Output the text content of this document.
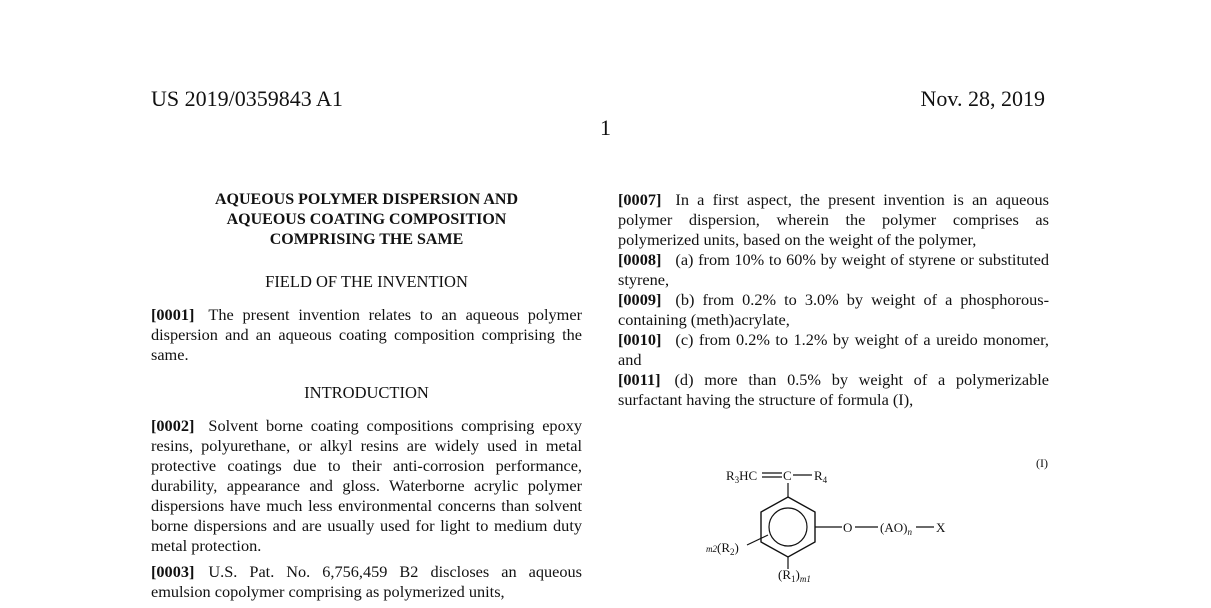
US 2019/0359843 A1	Nov. 28, 2019
1
AQUEOUS POLYMER DISPERSION AND
AQUEOUS COATING COMPOSITION
COMPRISING THE SAME
FIELD OF THE INVENTION

[0001] The present invention relates to an aqueous polymer dispersion and an aqueous coating composition comprising the same.

INTRODUCTION

[0002] Solvent borne coating compositions comprising epoxy resins, polyurethane, or alkyl resins are widely used in metal protective coatings due to their anti-corrosion performance, durability, appearance and gloss. Waterborne acrylic polymer dispersions have much less environmental concerns than solvent borne dispersions and are usually used for light to medium duty metal protection.

[0003] U.S. Pat. No. 6,756,459 B2 discloses an aqueous emulsion copolymer comprising as polymerized units,

[0007] In a first aspect, the present invention is an aqueous polymer dispersion, wherein the polymer comprises as polymerized units, based on the weight of the polymer,

[0008] (a) from 10% to 60% by weight of styrene or substituted styrene,

[0009] (b) from 0.2% to 3.0% by weight of a phosphorous-containing (meth)acrylate,

[0010] (c) from 0.2% to 1.2% by weight of a ureido monomer, and

[0011] (d) more than 0.5% by weight of a polymerizable surfactant having the structure of formula (I),

(I)
$R_3HC$ C $R_4$
O $(AO)_n$ X
$m2(R_2)$
$(R_1)_{m1}$
